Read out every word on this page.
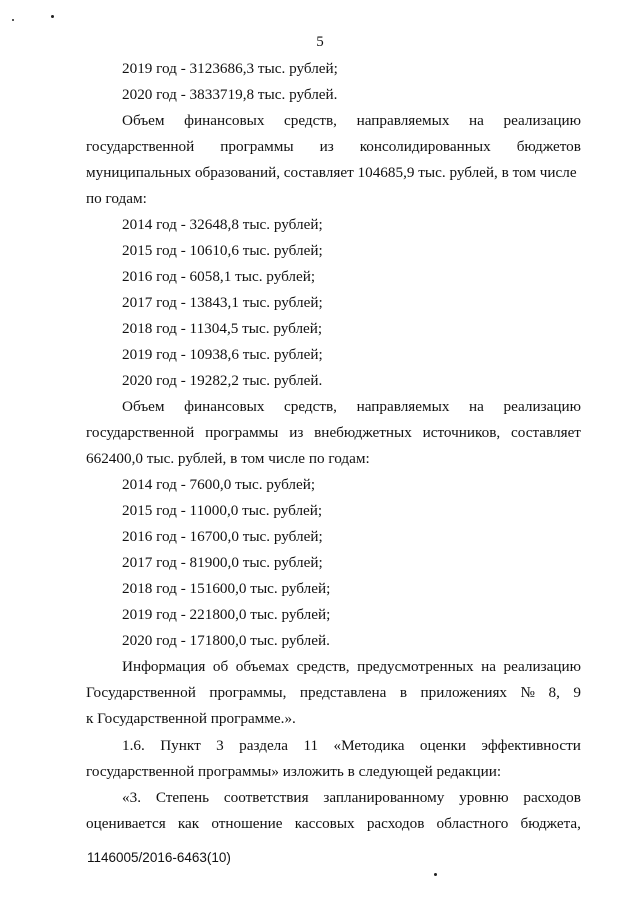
5
2019 год - 3123686,3 тыс. рублей;
2020 год - 3833719,8 тыс. рублей.
Объем финансовых средств, направляемых на реализацию
государственной программы из консолидированных бюджетов
муниципальных образований, составляет 104685,9 тыс. рублей, в том числе
по годам:
2014 год - 32648,8 тыс. рублей;
2015 год - 10610,6 тыс. рублей;
2016 год - 6058,1 тыс. рублей;
2017 год - 13843,1 тыс. рублей;
2018 год - 11304,5 тыс. рублей;
2019 год - 10938,6 тыс. рублей;
2020 год - 19282,2 тыс. рублей.
Объем финансовых средств, направляемых на реализацию
государственной программы из внебюджетных источников, составляет
662400,0 тыс. рублей, в том числе по годам:
2014 год - 7600,0 тыс. рублей;
2015 год - 11000,0 тыс. рублей;
2016 год - 16700,0 тыс. рублей;
2017 год - 81900,0 тыс. рублей;
2018 год - 151600,0 тыс. рублей;
2019 год - 221800,0 тыс. рублей;
2020 год - 171800,0 тыс. рублей.
Информация об объемах средств, предусмотренных на реализацию
Государственной программы, представлена в приложениях № 8, 9
к Государственной программе.».
1.6. Пункт 3 раздела 11 «Методика оценки эффективности
государственной программы» изложить в следующей редакции:
«3. Степень соответствия запланированному уровню расходов
оценивается как отношение кассовых расходов областного бюджета,
1146005/2016-6463(10)
